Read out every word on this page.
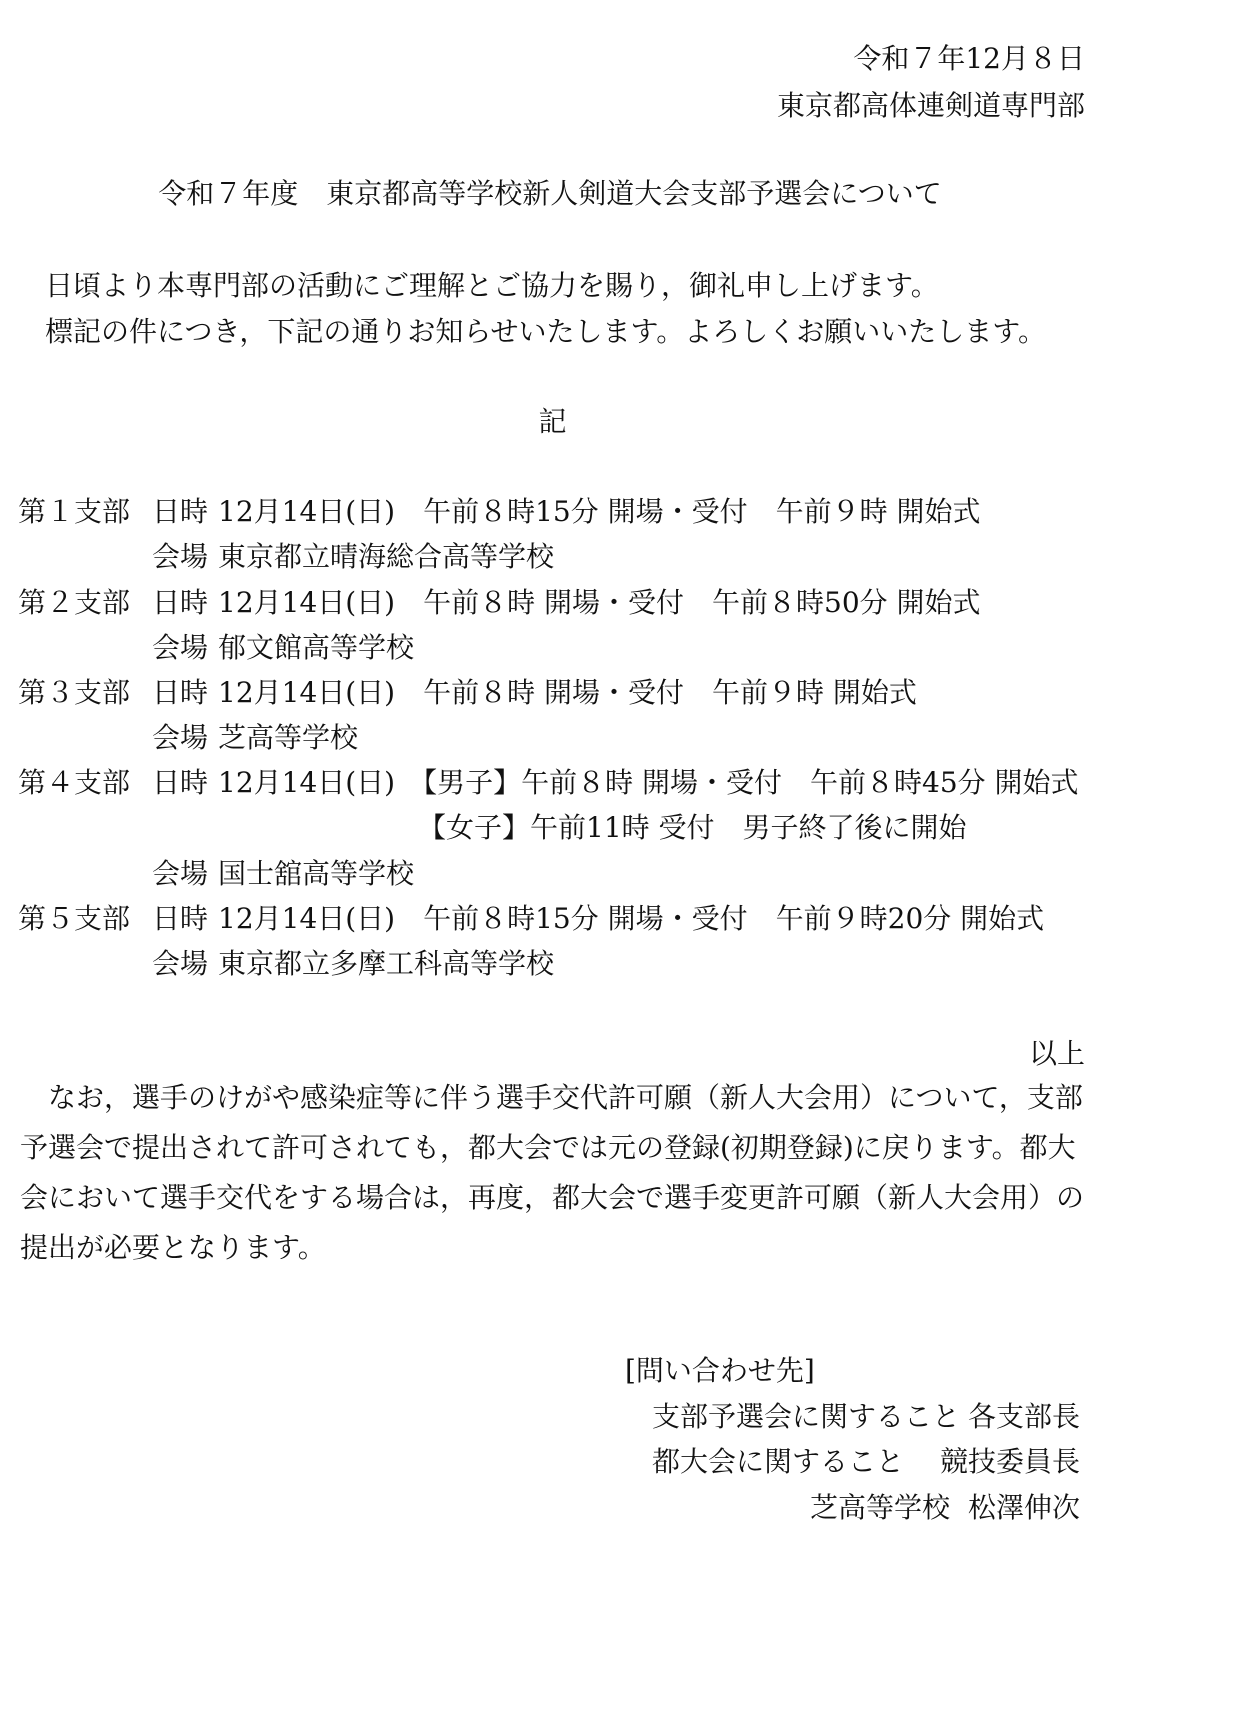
令和７年12月８日
東京都高体連剣道専門部
令和７年度　東京都高等学校新人剣道大会支部予選会について
日頃より本専門部の活動にご理解とご協力を賜り，御礼申し上げます。
標記の件につき，下記の通りお知らせいたします。よろしくお願いいたします。
記
第１支部 日時 12月14日(日)　午前８時15分 開場・受付　午前９時 開始式
会場 東京都立晴海総合高等学校
第２支部 日時 12月14日(日)　午前８時 開場・受付　午前８時50分 開始式
会場 郁文館高等学校
第３支部 日時 12月14日(日)　午前８時 開場・受付　午前９時 開始式
会場 芝高等学校
第４支部 日時 12月14日(日)　【男子】午前８時 開場・受付　午前８時45分 開始式
【女子】午前11時 受付　男子終了後に開始
会場 国士舘高等学校
第５支部 日時 12月14日(日)　午前８時15分 開場・受付　午前９時20分 開始式
会場 東京都立多摩工科高等学校
以上
　なお，選手のけがや感染症等に伴う選手交代許可願（新人大会用）について，支部予選会で提出されて許可されても，都大会では元の登録(初期登録)に戻ります。都大会において選手交代をする場合は，再度，都大会で選手変更許可願（新人大会用）の提出が必要となります。
[問い合わせ先]
支部予選会に関すること 各支部長
都大会に関すること 競技委員長
芝高等学校 松澤伸次
